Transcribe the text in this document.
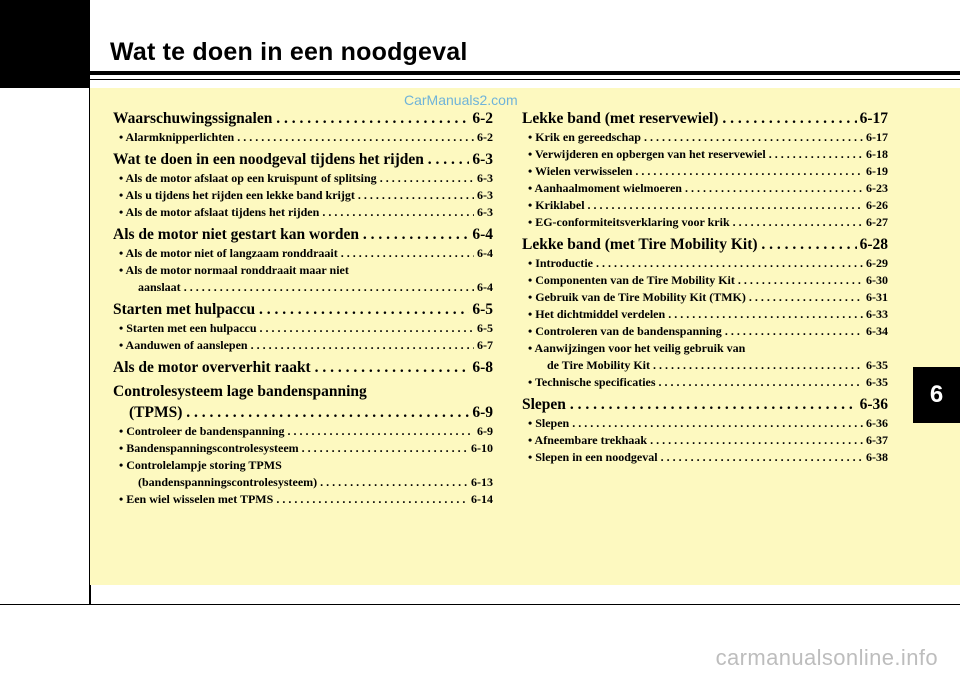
Wat te doen in een noodgeval
6
CarManuals2.com
carmanualsonline.info
Waarschuwingssignalen . . .	6-2
• Alarmknipperlichten . . .	6-2
Wat te doen in een noodgeval tijdens het rijden . . .	6-3
• Als de motor afslaat op een kruispunt of splitsing . . .	6-3
• Als u tijdens het rijden een lekke band krijgt . . .	6-3
• Als de motor afslaat tijdens het rijden . . .	6-3
Als de motor niet gestart kan worden . . .	6-4
• Als de motor niet of langzaam ronddraait . . .	6-4
• Als de motor normaal ronddraait maar niet
aanslaat . . .	6-4
Starten met hulpaccu . . .	6-5
• Starten met een hulpaccu . . .	6-5
• Aanduwen of aanslepen . . .	6-7
Als de motor oververhit raakt . . .	6-8
Controlesysteem lage bandenspanning
(TPMS) . . .	6-9
• Controleer de bandenspanning . . .	6-9
• Bandenspanningscontrolesysteem . . .	6-10
• Controlelampje storing TPMS
(bandenspanningscontrolesysteem) . . .	6-13
• Een wiel wisselen met TPMS . . .	6-14
Lekke band (met reservewiel) . . .	6-17
• Krik en gereedschap . . .	6-17
• Verwijderen en opbergen van het reservewiel . . .	6-18
• Wielen verwisselen . . .	6-19
• Aanhaalmoment wielmoeren . . .	6-23
• Kriklabel . . .	6-26
• EG-conformiteitsverklaring voor krik . . .	6-27
Lekke band (met Tire Mobility Kit) . . .	6-28
• Introductie . . .	6-29
• Componenten van de Tire Mobility Kit . . .	6-30
• Gebruik van de Tire Mobility Kit (TMK) . . .	6-31
• Het dichtmiddel verdelen . . .	6-33
• Controleren van de bandenspanning . . .	6-34
• Aanwijzingen voor het veilig gebruik van
de Tire Mobility Kit . . .	6-35
• Technische specificaties . . .	6-35
Slepen . . .	6-36
• Slepen . . .	6-36
• Afneembare trekhaak . . .	6-37
• Slepen in een noodgeval . . .	6-38
